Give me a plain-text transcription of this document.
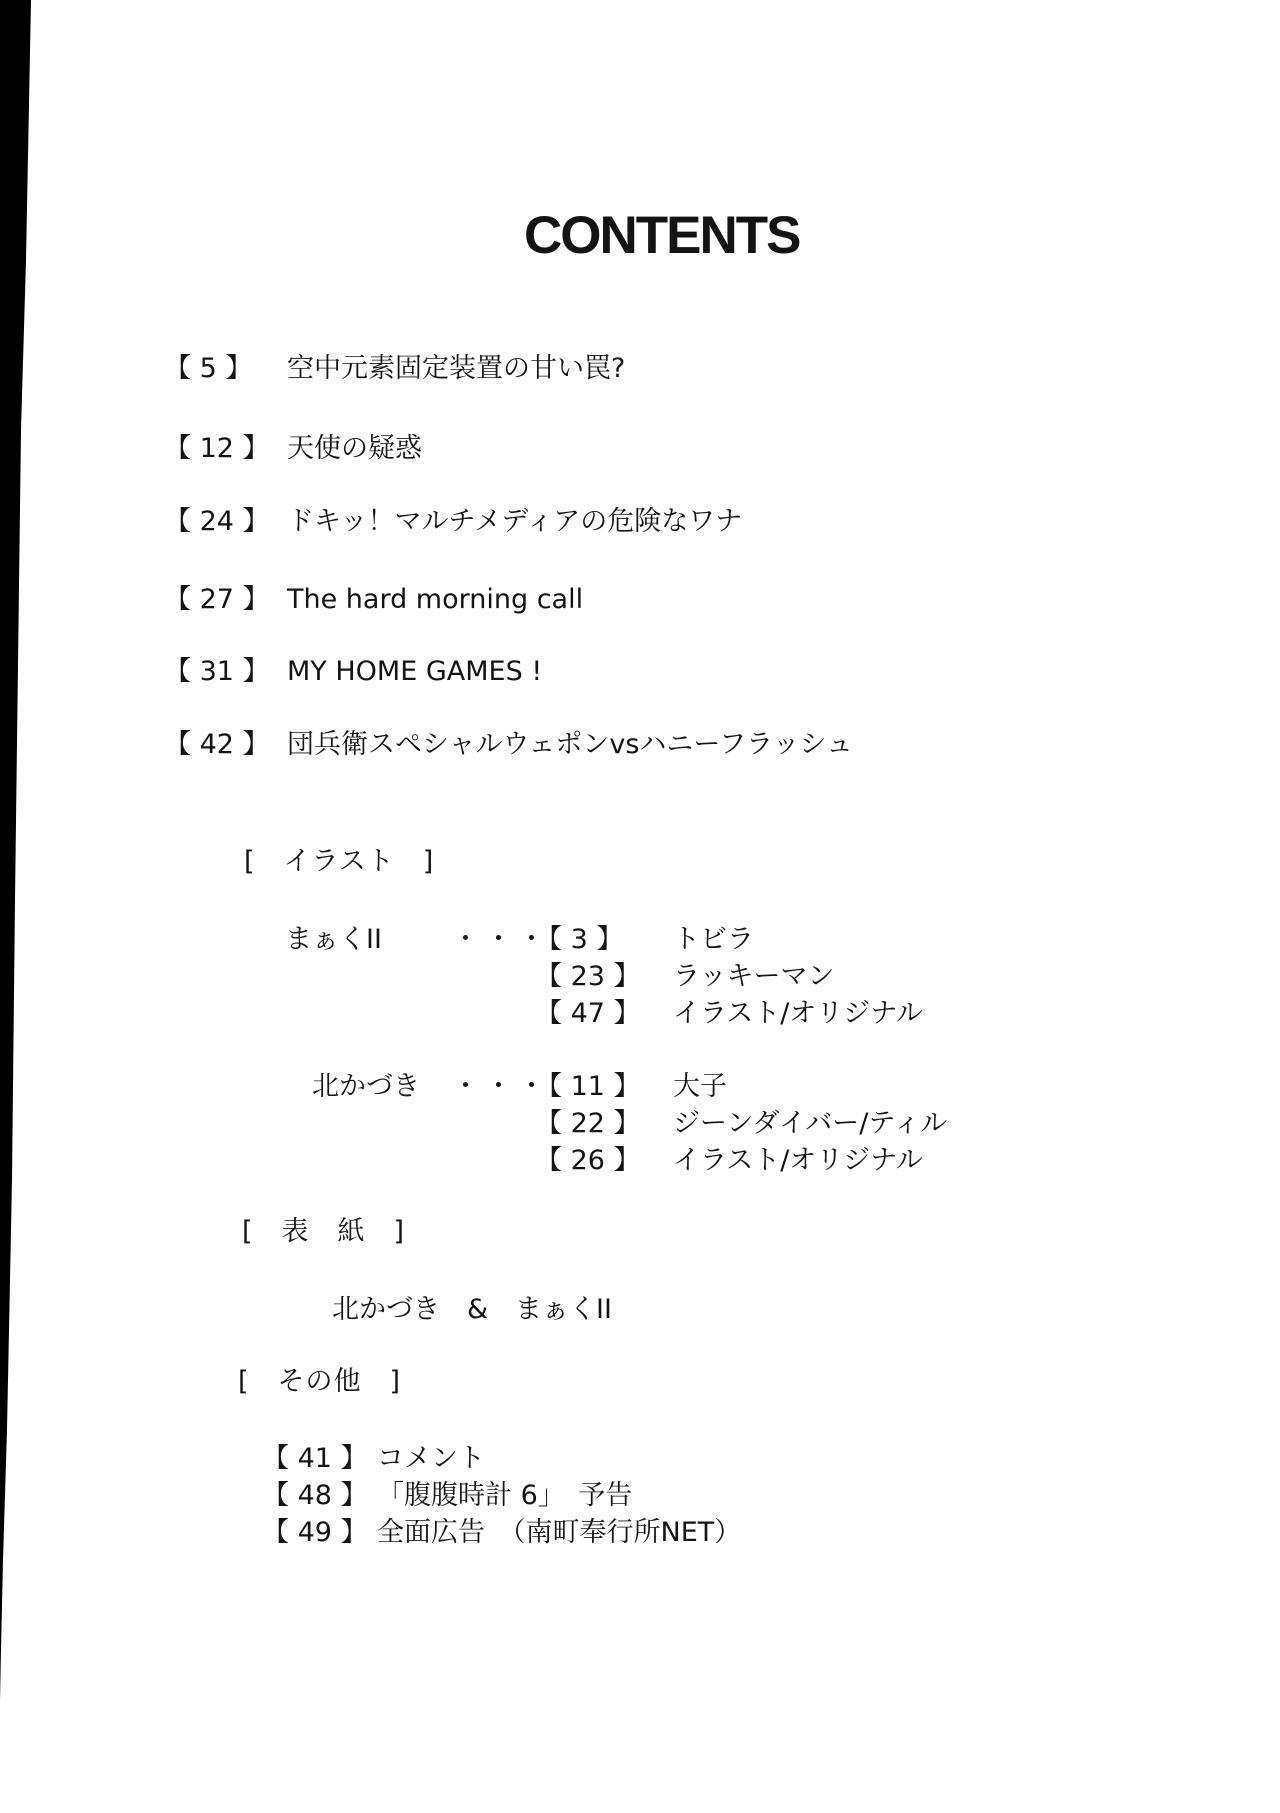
CONTENTS
【 5 】 空中元素固定装置の甘い罠?
【 12 】 天使の疑惑
【 24 】 ドキッ！マルチメディアの危険なワナ
【 27 】 The hard morning call
【 31 】 MY HOME GAMES !
【 42 】 団兵衛スペシャルウェポンvsハニーフラッシュ
[　イラスト　]
まぁくII	・・・
【 3 】 トビラ
【 23 】 ラッキーマン
【 47 】 イラスト/オリジナル
北かづき ・・・
【 11 】 大子
【 22 】 ジーンダイバー/ティル
【 26 】 イラスト/オリジナル
[　表　紙　]
北かづき　&　まぁくII
[　その他　]
【 41 】 コメント
【 48 】 「腹腹時計 6」　予告
【 49 】 全面広告　（南町奉行所NET）
